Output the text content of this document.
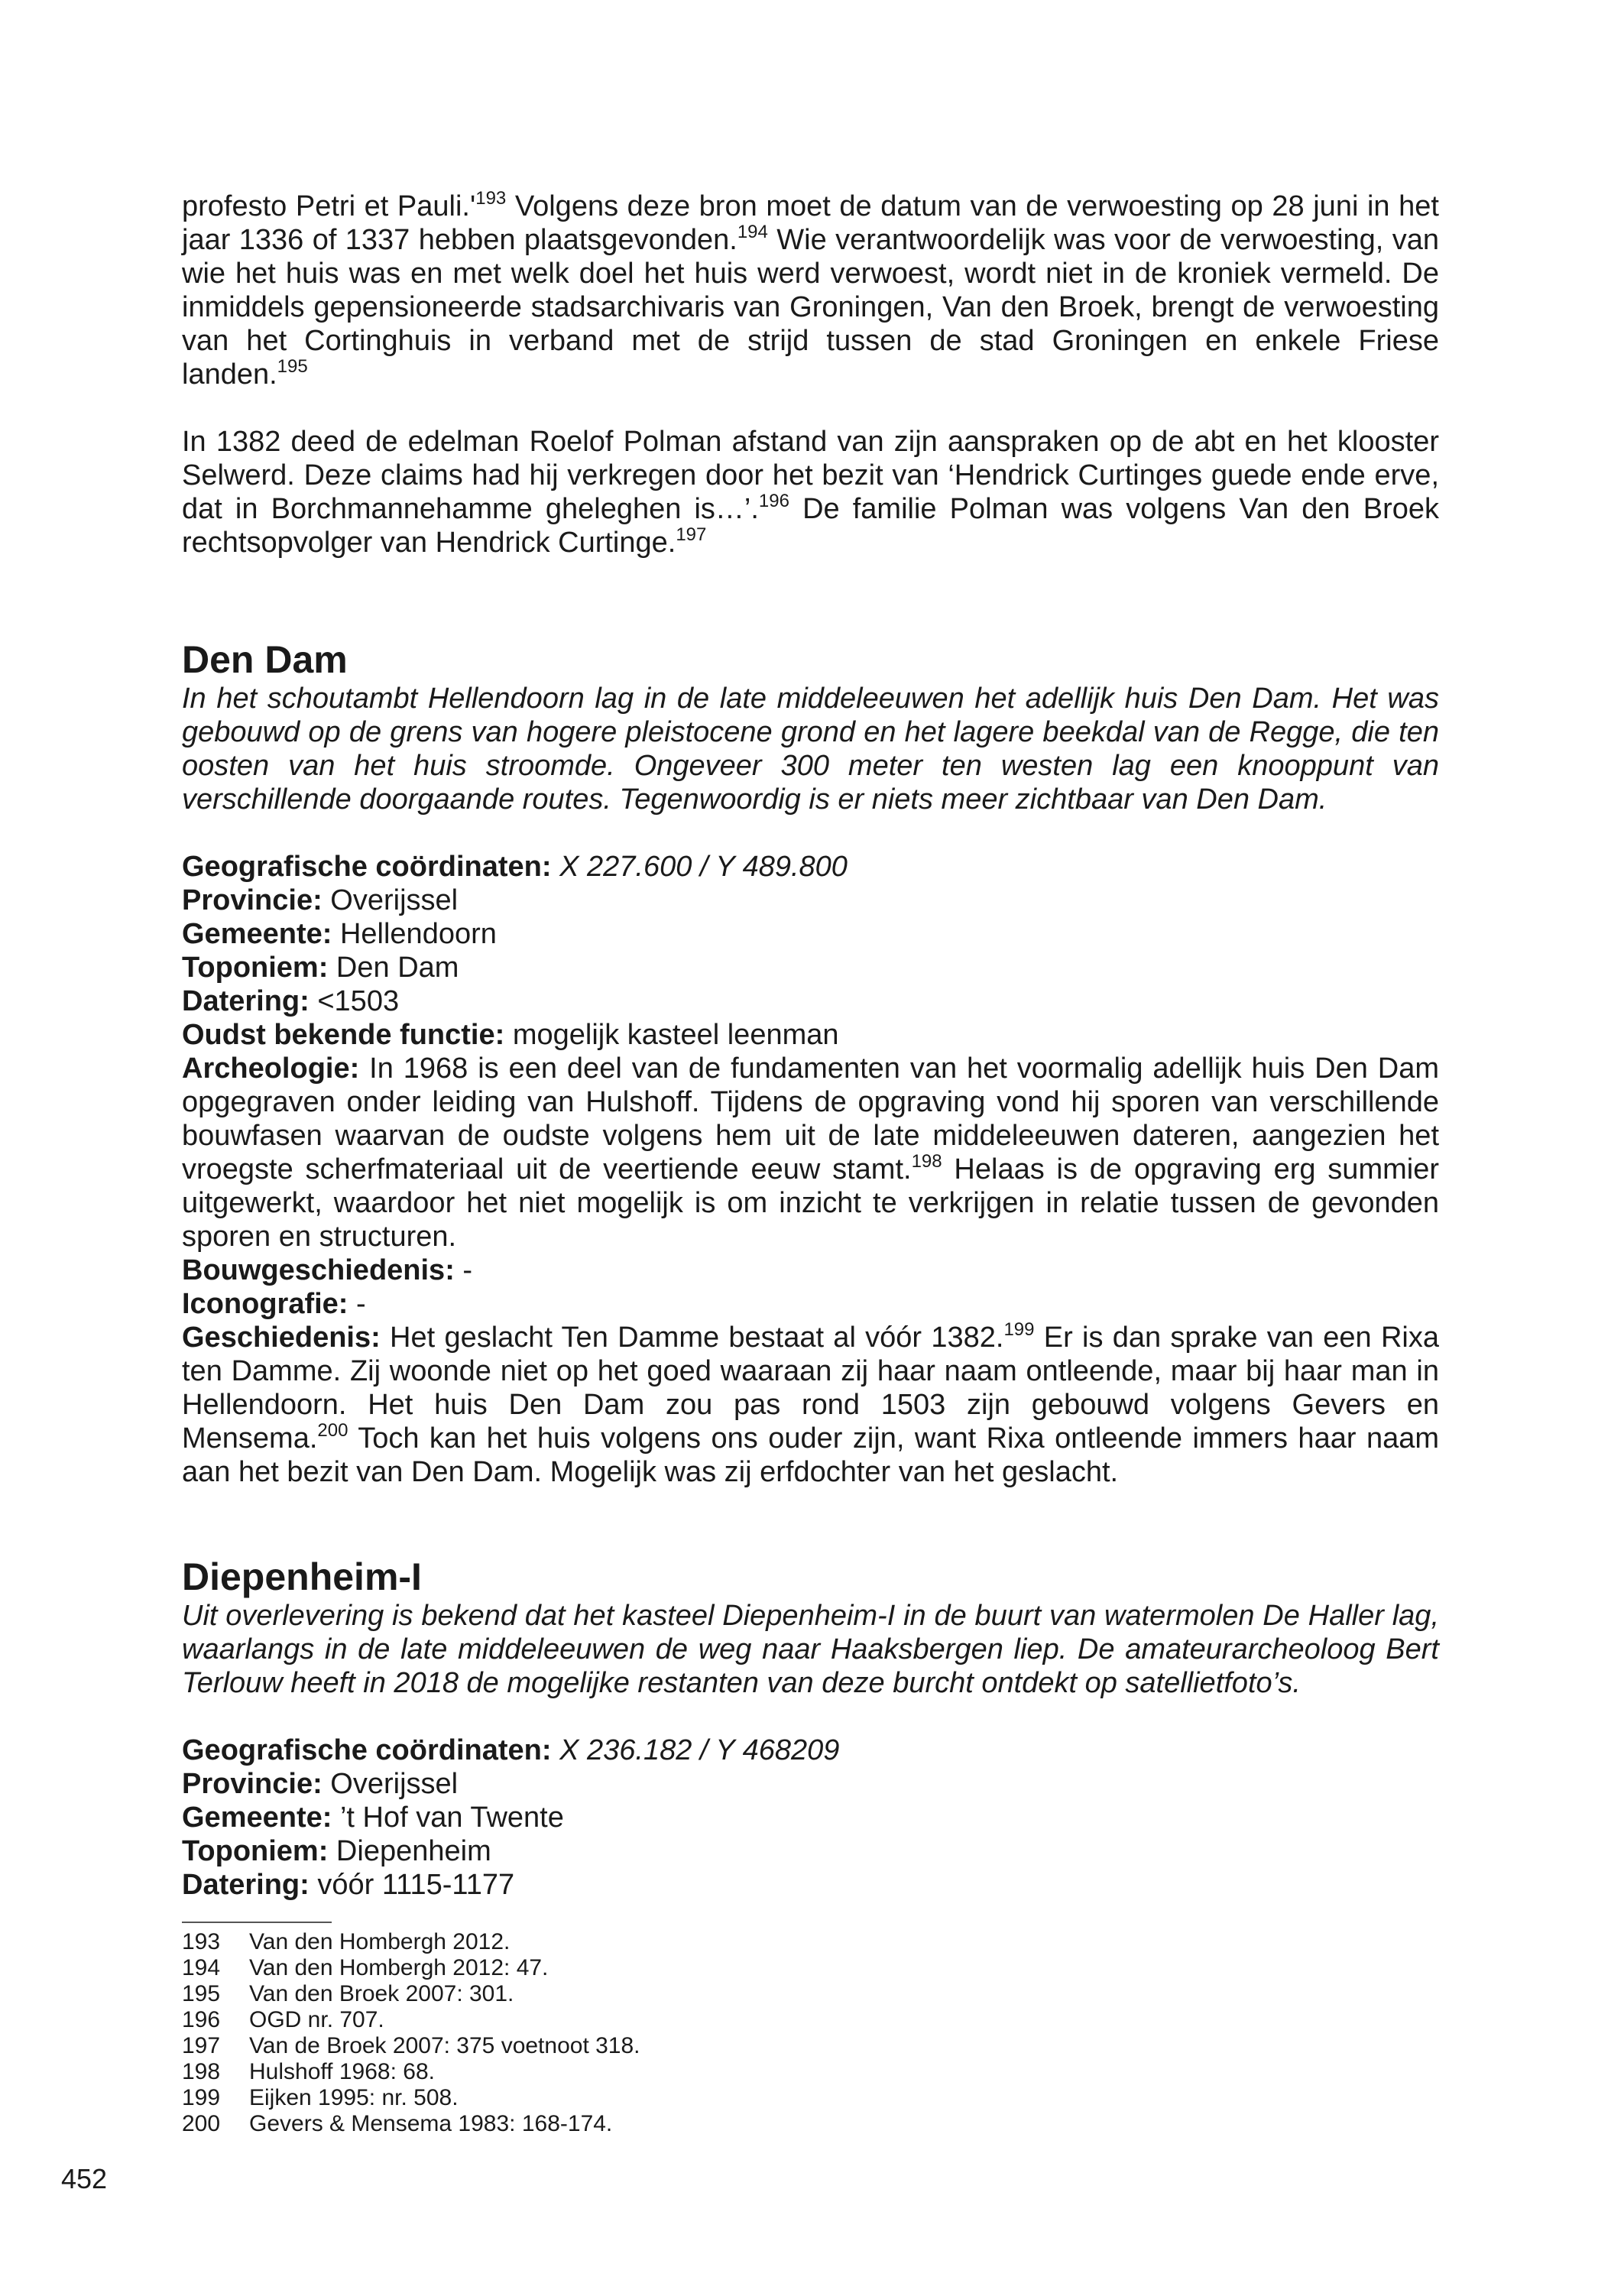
profesto Petri et $Pauli.'^{193}$ Volgens deze bron moet de datum van de verwoesting op 28 juni in het jaar 1336 of 1337 hebben plaatsgevonden.$^{194}$ Wie verantwoordelijk was voor de verwoesting, van wie het huis was en met welk doel het huis werd verwoest, wordt niet in de kroniek vermeld. De inmiddels gepensioneerde stadsarchivaris van Groningen, Van den Broek, brengt de verwoesting van het Cortinghuis in verband met de strijd tussen de stad Groningen en enkele Friese landen.$^{195}$

In 1382 deed de edelman Roelof Polman afstand van zijn aanspraken op de abt en het klooster Selwerd. Deze claims had hij verkregen door het bezit van ‘Hendrick Curtinges guede ende erve, dat in Borchmannehamme gheleghen is…’.$^{196}$ De familie Polman was volgens Van den Broek rechtsopvolger van Hendrick Curtinge.$^{197}$

Den Dam

In het schoutambt Hellendoorn lag in de late middeleeuwen het adellijk huis Den Dam. Het was gebouwd op de grens van hogere pleistocene grond en het lagere beekdal van de Regge, die ten oosten van het huis stroomde. Ongeveer 300 meter ten westen lag een knooppunt van verschillende doorgaande routes. Tegenwoordig is er niets meer zichtbaar van Den Dam.

Geografische coördinaten: X 227.600 / Y 489.800
Provincie: Overijssel
Gemeente: Hellendoorn
Toponiem: Den Dam
Datering: <1503
Oudst bekende functie: mogelijk kasteel leenman
Archeologie: In 1968 is een deel van de fundamenten van het voormalig adellijk huis Den Dam opgegraven onder leiding van Hulshoff. Tijdens de opgraving vond hij sporen van verschillende bouwfasen waarvan de oudste volgens hem uit de late middeleeuwen dateren, aangezien het vroegste scherfmateriaal uit de veertiende eeuw stamt.$^{198}$ Helaas is de opgraving erg summier uitgewerkt, waardoor het niet mogelijk is om inzicht te verkrijgen in relatie tussen de gevonden sporen en structuren.
Bouwgeschiedenis: -
Iconografie: -
Geschiedenis: Het geslacht Ten Damme bestaat al vóór 1382.$^{199}$ Er is dan sprake van een Rixa ten Damme. Zij woonde niet op het goed waaraan zij haar naam ontleende, maar bij haar man in Hellendoorn. Het huis Den Dam zou pas rond 1503 zijn gebouwd volgens Gevers en Mensema.$^{200}$ Toch kan het huis volgens ons ouder zijn, want Rixa ontleende immers haar naam aan het bezit van Den Dam. Mogelijk was zij erfdochter van het geslacht.
Diepenheim-I

Uit overlevering is bekend dat het kasteel Diepenheim-I in de buurt van watermolen De Haller lag, waarlangs in de late middeleeuwen de weg naar Haaksbergen liep. De amateurarcheoloog Bert Terlouw heeft in 2018 de mogelijke restanten van deze burcht ontdekt op satellietfoto’s.

Geografische coördinaten: X 236.182 / Y 468209
Provincie: Overijssel
Gemeente: ’t Hof van Twente
Toponiem: Diepenheim
Datering: vóór 1115-1177
193	Van den Hombergh 2012.
194	Van den Hombergh 2012: 47.
195	Van den Broek 2007: 301.
196	OGD nr. 707.
197	Van de Broek 2007: 375 voetnoot 318.
198	Hulshoff 1968: 68.
199	Eijken 1995: nr. 508.
200	Gevers & Mensema 1983: 168-174.
452
